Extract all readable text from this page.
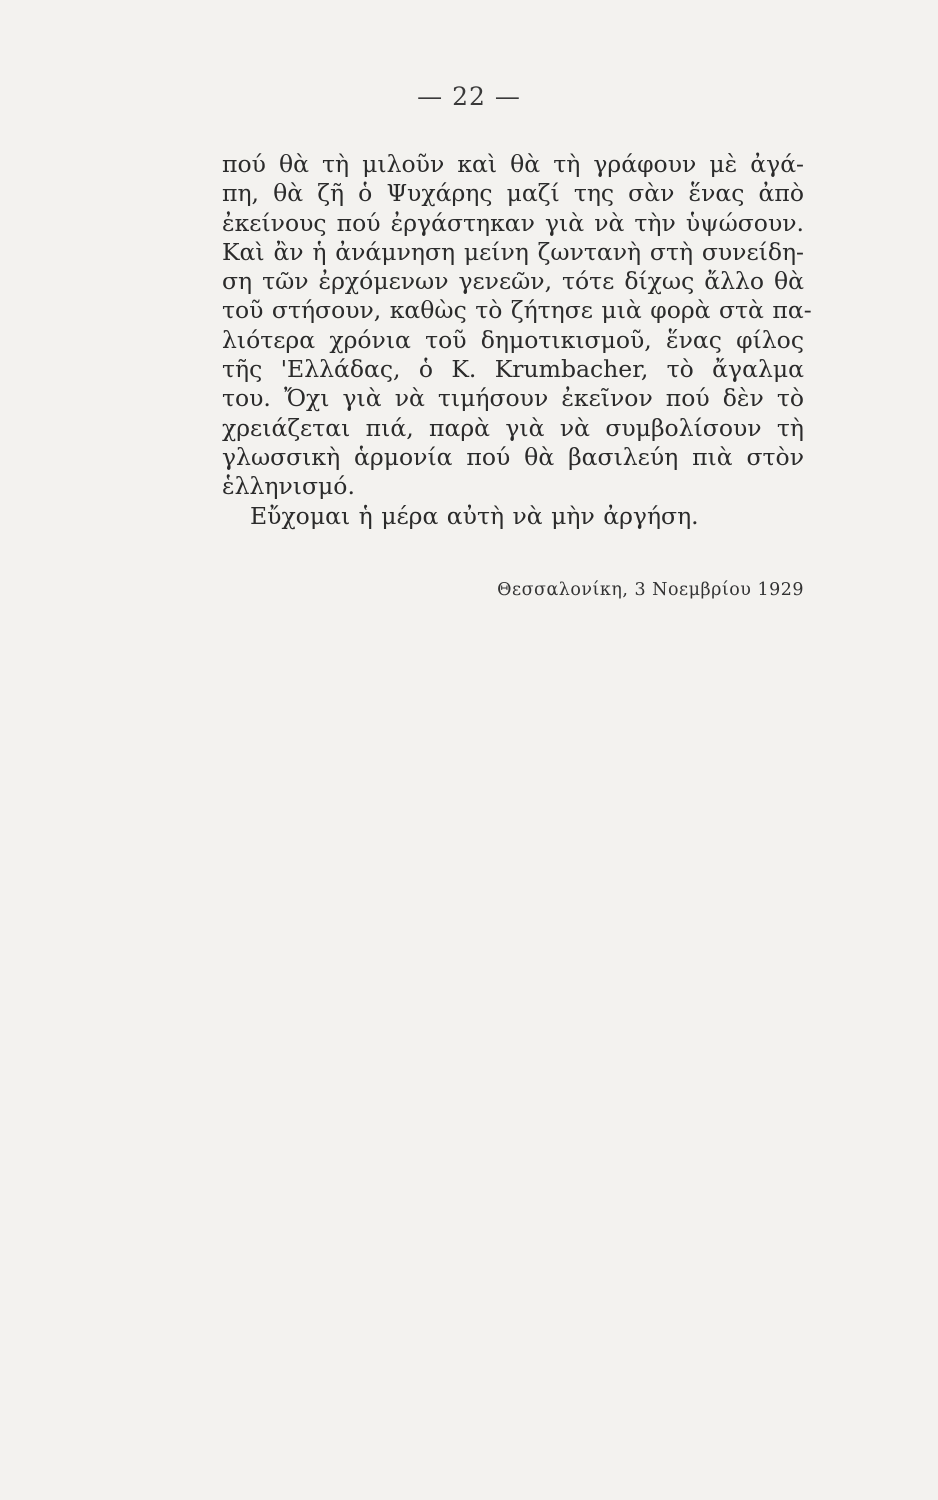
— 22 —
πού θὰ τὴ μιλοῦν καὶ θὰ τὴ γράφουν μὲ ἀγά-
πη, θὰ ζῆ ὁ Ψυχάρης μαζί της σὰν ἕνας ἀπὸ
ἐκείνους πού ἐργάστηκαν γιὰ νὰ τὴν ὑψώσουν.
Καὶ ἂν ἡ ἀνάμνηση μείνη ζωντανὴ στὴ συνείδη-
ση τῶν ἐρχόμενων γενεῶν, τότε δίχως ἄλλο θὰ
τοῦ στήσουν, καθὼς τὸ ζήτησε μιὰ φορὰ στὰ πα-
λιότερα χρόνια τοῦ δημοτικισμοῦ, ἕνας φίλος
τῆς 'Ελλάδας, ὁ Κ. Krumbacher, τὸ ἄγαλμα
του. Ὄχι γιὰ νὰ τιμήσουν ἐκεῖνον πού δὲν τὸ
χρειάζεται πιά, παρὰ γιὰ νὰ συμβολίσουν τὴ
γλωσσικὴ ἁρμονία πού θὰ βασιλεύη πιὰ στὸν
ἑλληνισμό.
Εὔχομαι ἡ μέρα αὐτὴ νὰ μὴν ἀργήση.
Θεσσαλονίκη, 3 Νοεμβρίου 1929
